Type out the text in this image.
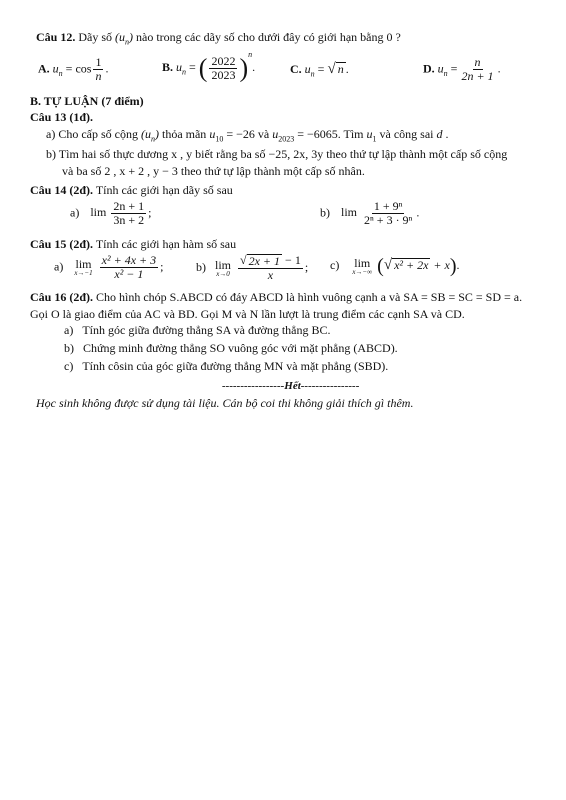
Câu 12. Dãy số $(u_n)$ nào trong các dãy số cho dưới đây có giới hạn bằng 0 ?
A. $u_n = \cos \frac{1}{n}$ .	B. $u_n$ = ( $\frac{2022}{2023} )^n$.	C. $u_n$ = √ n .	D. $u_n = \frac{n}{2n + 1}$ .
B. TỰ LUẬN (7 điểm)
Câu 13 (1đ).
a) Cho cấp số cộng $(u_n)$ thỏa mãn $u_{10} = -26$ và $u_{2023} = -6065$. Tìm $u_1$ và công sai d .
b) Tìm hai số thực dương x , y biết rằng ba số −25, 2x, 3y theo thứ tự lập thành một cấp số cộng
và ba số 2 , x + 2 , y − 3 theo thứ tự lập thành một cấp số nhân.
Câu 14 (2đ). Tính các giới hạn dãy số sau
a) $\lim \frac{2n + 1}{3n + 2}$ ;	b) $\lim \frac{\text{1 + 9ⁿ}}{\text{2ⁿ + 3 · 9ⁿ}}$ .
Câu 15 (2đ). Tính các giới hạn hàm số sau
a) lim
x→−1
$\frac{\text{x² + 4x + 3}}{\text{x² − 1}}$ ;	b) lim
x→0
$\frac{√ 2x + 1 - 1}{x}$ ; c) lim
x→−∞ ( √ x² + 2x + x).
Câu 16 (2đ). Cho hình chóp S.ABCD có đáy ABCD là hình vuông cạnh a và SA = SB = SC = SD = a.
Gọi O là giao điểm của AC và BD. Gọi M và N lần lượt là trung điểm các cạnh SA và CD.
a) Tính góc giữa đường thẳng SA và đường thẳng BC.
b) Chứng minh đường thẳng SO vuông góc với mặt phẳng (ABCD).
c) Tính côsin của góc giữa đường thẳng MN và mặt phẳng (SBD).
-----------------Hết----------------
Học sinh không được sử dụng tài liệu. Cán bộ coi thi không giải thích gì thêm.
